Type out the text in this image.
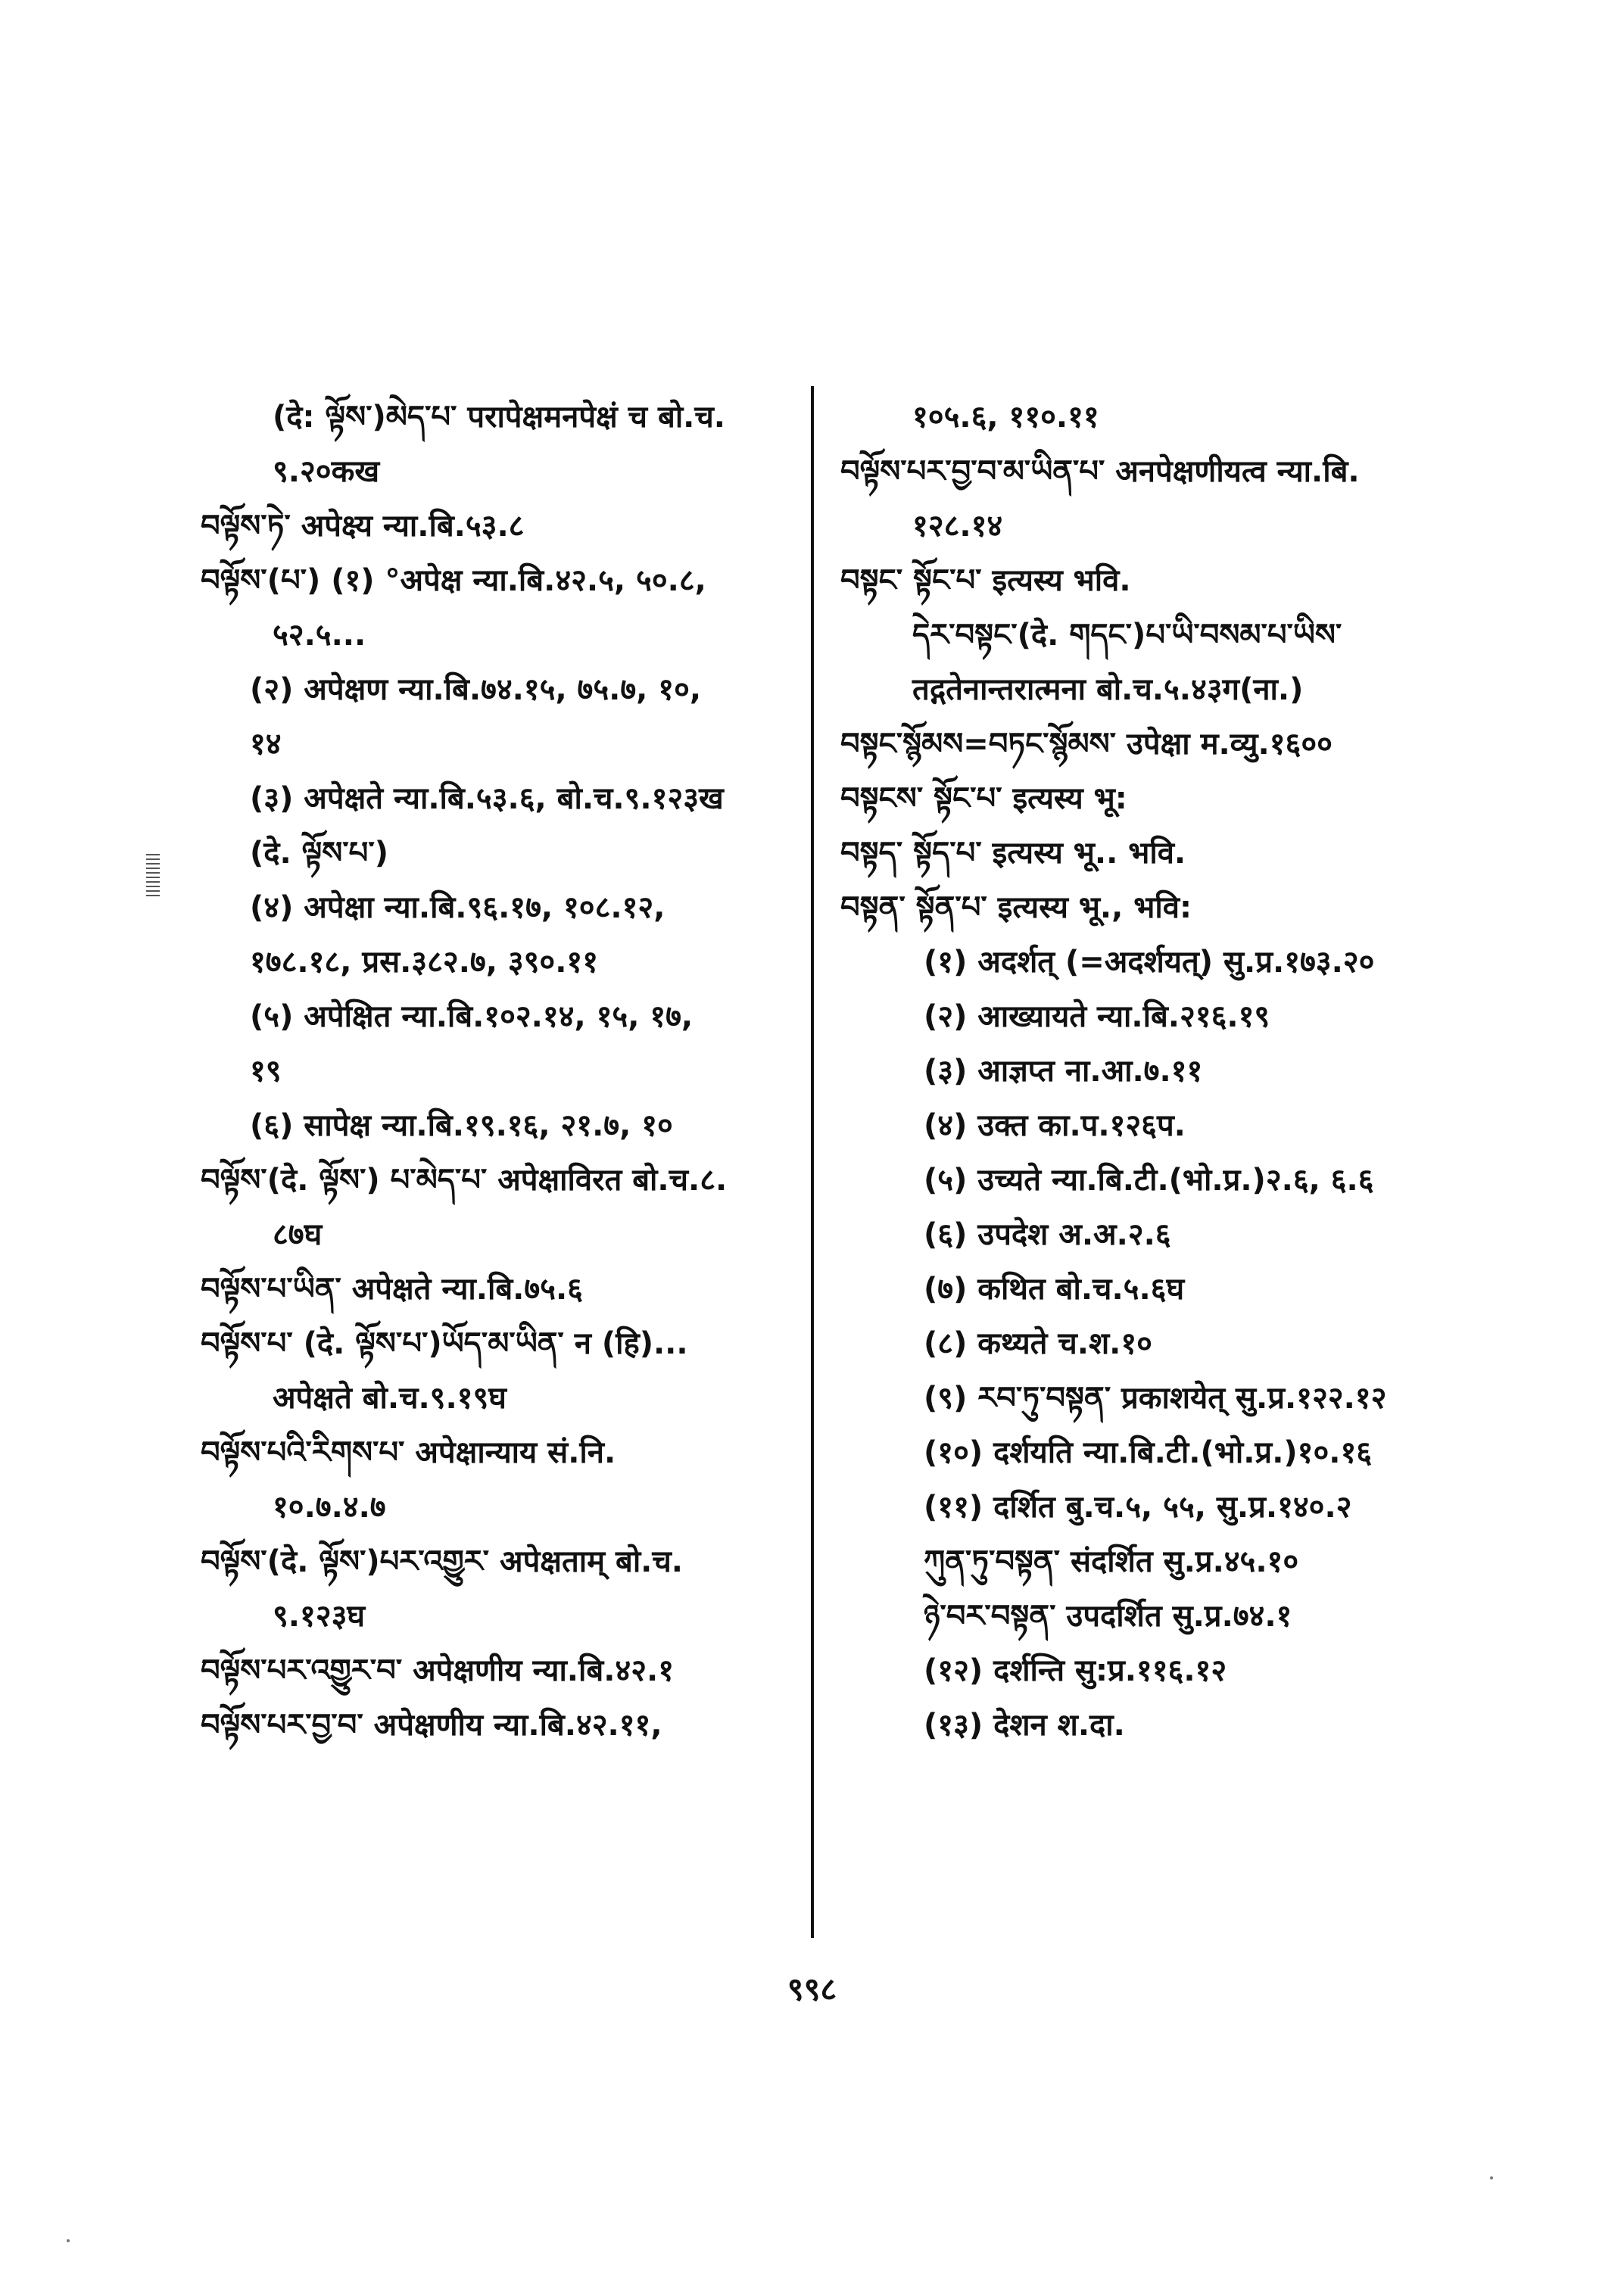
(दे: ལྟོས་)མེད་པ་ परापेक्षमनपेक्षं च बो.च.
९.२०कख
བལྟོས་ཏེ་ अपेक्ष्य न्या.बि.५३.८
བལྟོས་(པ་) (१) °अपेक्ष न्या.बि.४२.५, ५०.८,
५२.५...
(२) अपेक्षण न्या.बि.७४.१५, ७५.७, १०,
१४
(३) अपेक्षते न्या.बि.५३.६, बो.च.९.१२३ख
(दे. ལྟོས་པ་)
(४) अपेक्षा न्या.बि.९६.१७, १०८.१२,
१७८.१८, प्रस.३८२.७, ३९०.११
(५) अपेक्षित न्या.बि.१०२.१४, १५, १७,
१९
(६) सापेक्ष न्या.बि.१९.१६, २१.७, १०
བལྟོས་(दे. ལྟོས་) པ་མེད་པ་ अपेक्षाविरत बो.च.८.
८७घ
བལྟོས་པ་ཡིན་ अपेक्षते न्या.बि.७५.६
བལྟོས་པ་ (दे. ལྟོས་པ་)ཡོད་མ་ཡིན་ न (हि)...
अपेक्षते बो.च.९.१९घ
བལྟོས་པའི་རིགས་པ་ अपेक्षान्याय सं.नि.
१०.७.४.७
བལྟོས་(दे. ལྟོས་)པར་འགྱུར་ अपेक्षताम् बो.च.
९.१२३घ
བལྟོས་པར་འགྱུར་བ་ अपेक्षणीय न्या.बि.४२.१
བལྟོས་པར་བྱ་བ་ अपेक्षणीय न्या.बि.४२.११,
१०५.६, ११०.११
བལྟོས་པར་བྱ་བ་མ་ཡིན་པ་ अनपेक्षणीयत्व न्या.बि.
१२८.१४
བསྟང་ སྟོང་པ་ इत्यस्य भवि.
དེར་བསྟང་(दे. གདང་)པ་ཡི་བསམ་པ་ཡིས་
तद्गतेनान्तरात्मना बो.च.५.४३ग(ना.)
བསྟང་སྙོམས=བཏང་སྙོམས་ उपेक्षा म.व्यु.१६००
བསྟངས་ སྟོང་པ་ इत्यस्य भू:
བསྟད་ སྟོད་པ་ इत्यस्य भू.. भवि.
བསྟན་ སྟོན་པ་ इत्यस्य भू., भवि:
(१) अदर्शत् (=अदर्शयत्) सु.प्र.१७३.२०
(२) आख्यायते न्या.बि.२१६.१९
(३) आज्ञप्त ना.आ.७.११
(४) उक्त का.प.१२६प.
(५) उच्यते न्या.बि.टी.(भो.प्र.)२.६, ६.६
(६) उपदेश अ.अ.२.६
(७) कथित बो.च.५.६घ
(८) कथ्यते च.श.१०
(९) རབ་ཏུ་བསྟན་ प्रकाशयेत् सु.प्र.१२२.१२
(१०) दर्शयति न्या.बि.टी.(भो.प्र.)१०.१६
(११) दर्शित बु.च.५, ५५, सु.प्र.१४०.२
ཀུན་ཏུ་བསྟན་ संदर्शित सु.प्र.४५.१०
ཉེ་བར་བསྟན་ उपदर्शित सु.प्र.७४.१
(१२) दर्शन्ति सु:प्र.११६.१२
(१३) देशन श.दा.
९९८
